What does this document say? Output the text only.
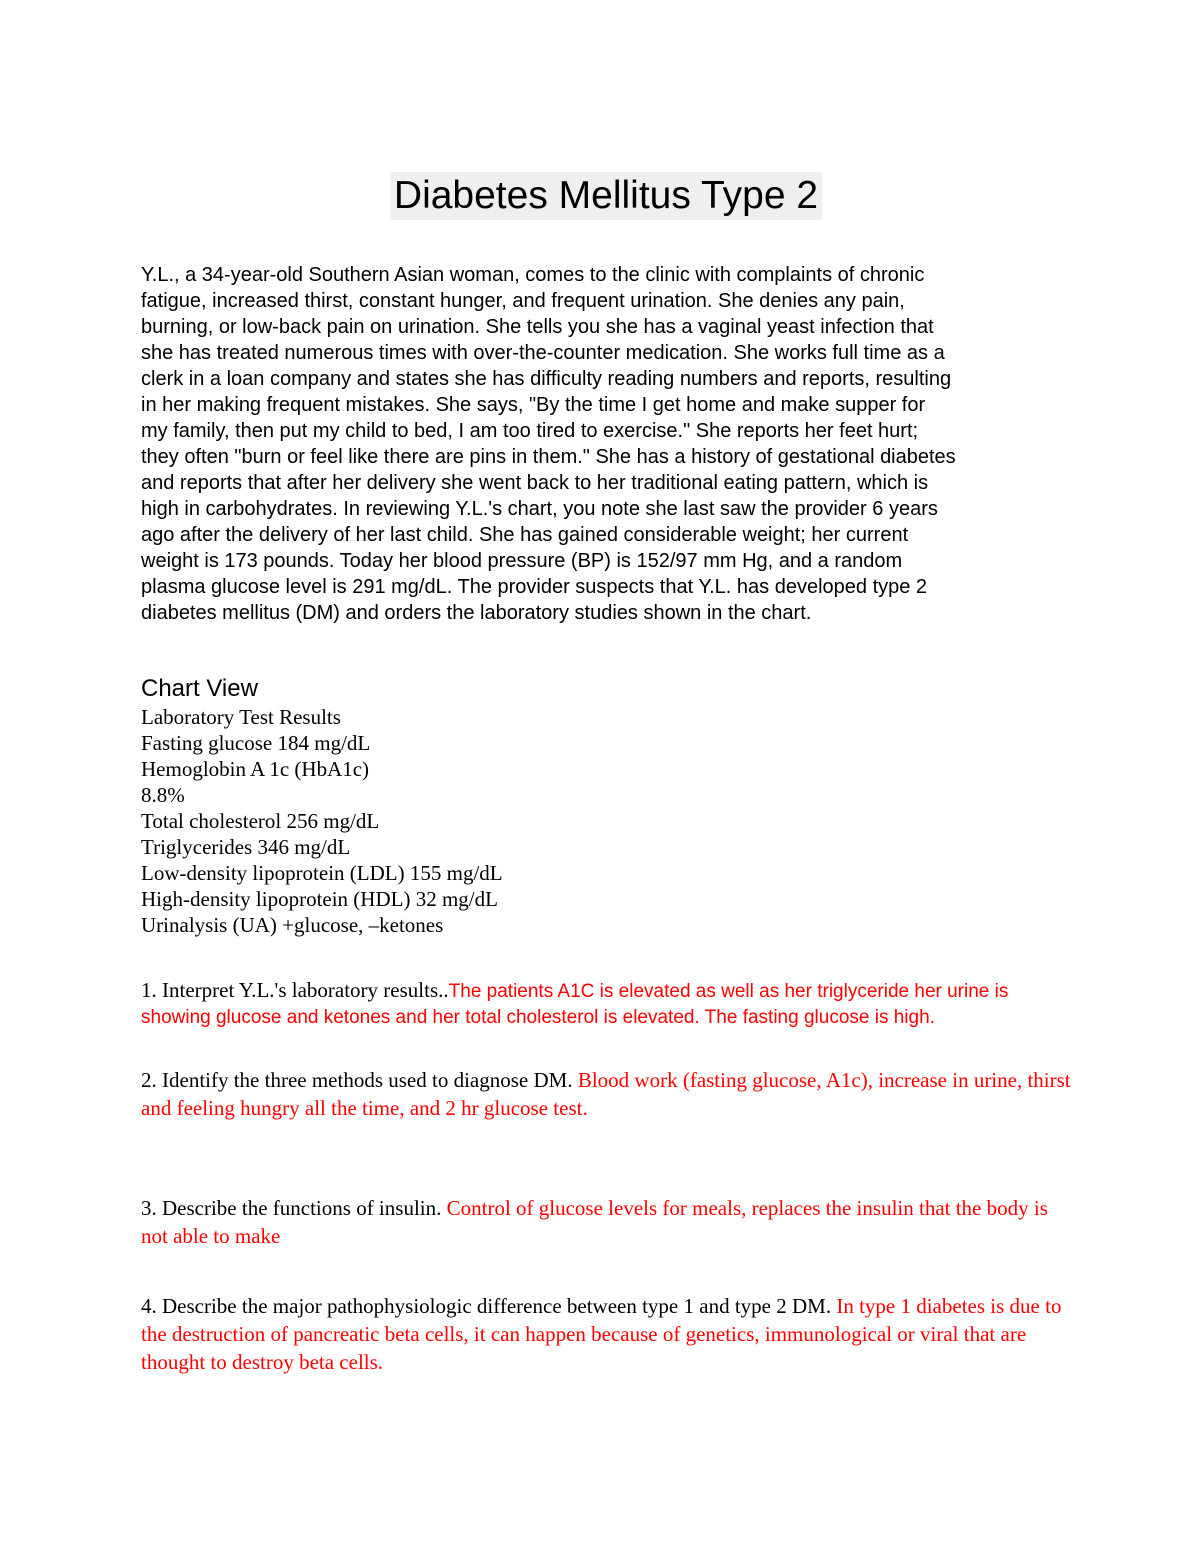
Diabetes Mellitus Type 2
Y.L., a 34-year-old Southern Asian woman, comes to the clinic with complaints of chronic
fatigue, increased thirst, constant hunger, and frequent urination. She denies any pain,
burning, or low-back pain on urination. She tells you she has a vaginal yeast infection that
she has treated numerous times with over-the-counter medication. She works full time as a
clerk in a loan company and states she has difficulty reading numbers and reports, resulting
in her making frequent mistakes. She says, "By the time I get home and make supper for
my family, then put my child to bed, I am too tired to exercise." She reports her feet hurt;
they often "burn or feel like there are pins in them." She has a history of gestational diabetes
and reports that after her delivery she went back to her traditional eating pattern, which is
high in carbohydrates. In reviewing Y.L.'s chart, you note she last saw the provider 6 years
ago after the delivery of her last child. She has gained considerable weight; her current
weight is 173 pounds. Today her blood pressure (BP) is 152/97 mm Hg, and a random
plasma glucose level is 291 mg/dL. The provider suspects that Y.L. has developed type 2
diabetes mellitus (DM) and orders the laboratory studies shown in the chart.
Chart View
Laboratory Test Results
Fasting glucose 184 mg/dL
Hemoglobin A 1c (HbA1c)
8.8%
Total cholesterol 256 mg/dL
Triglycerides 346 mg/dL
Low-density lipoprotein (LDL) 155 mg/dL
High-density lipoprotein (HDL) 32 mg/dL
Urinalysis (UA) +glucose, –ketones

1. Interpret Y.L.'s laboratory results..The patients A1C is elevated as well as her triglyceride her urine is showing glucose and ketones and her total cholesterol is elevated. The fasting glucose is high.

2. Identify the three methods used to diagnose DM. Blood work (fasting glucose, A1c), increase in urine, thirst and feeling hungry all the time, and 2 hr glucose test.

3. Describe the functions of insulin. Control of glucose levels for meals, replaces the insulin that the body is not able to make

4. Describe the major pathophysiologic difference between type 1 and type 2 DM. In type 1 diabetes is due to the destruction of pancreatic beta cells, it can happen because of genetics, immunological or viral that are thought to destroy beta cells.
